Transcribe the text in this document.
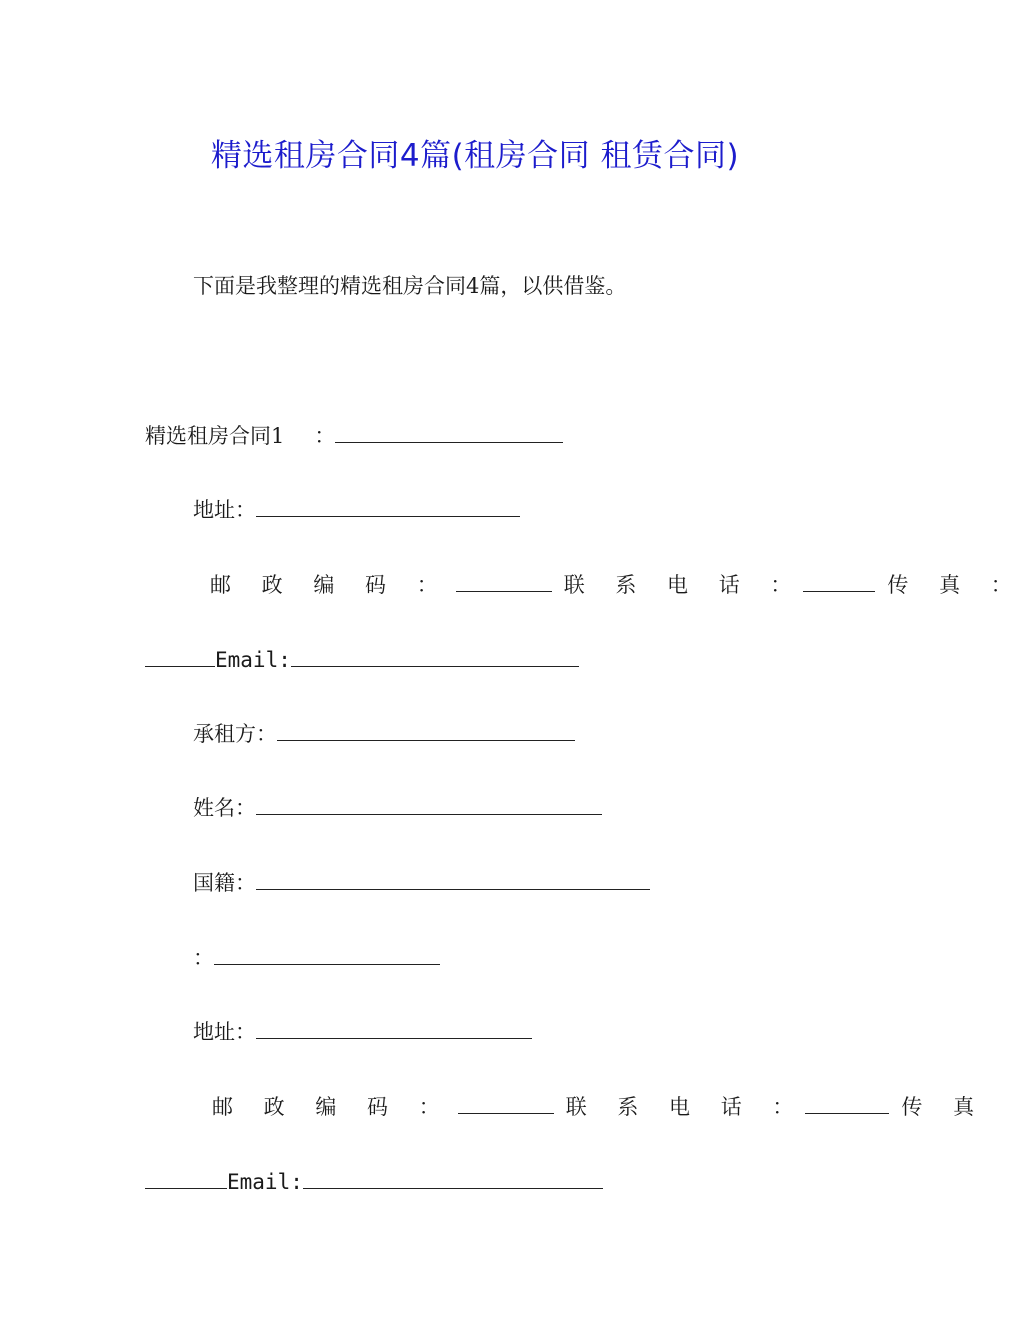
精选租房合同4篇(租房合同 租赁合同)
下面是我整理的精选租房合同4篇，以供借鉴。
精选租房合同1 ：
地址：
邮 政 编 码 ：	联 系 电 话 ：	传 真 ：
Email:
承租方：
姓名：
国籍：
：
地址：
邮 政 编 码 ：	联 系 电 话 ：	传 真
Email:
